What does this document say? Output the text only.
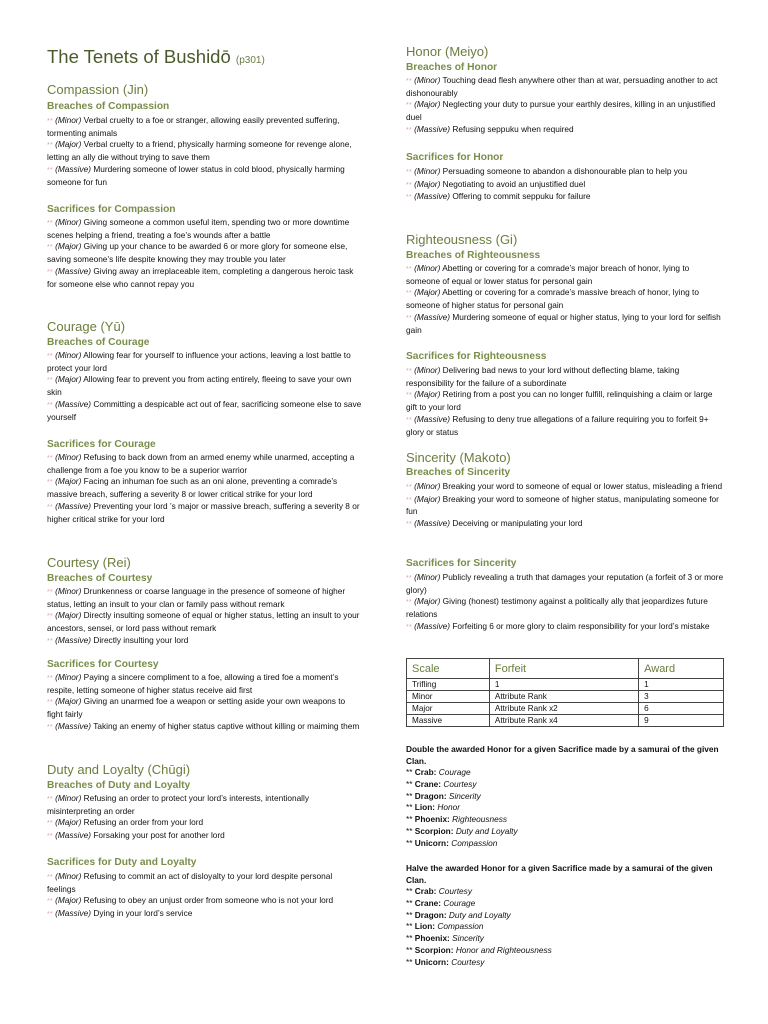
The Tenets of Bushidō (p301)
Compassion (Jin)
Breaches of Compassion
** (Minor) Verbal cruelty to a foe or stranger, allowing easily prevented suffering, tormenting animals
** (Major) Verbal cruelty to a friend, physically harming someone for revenge alone, letting an ally die without trying to save them
** (Massive) Murdering someone of lower status in cold blood, physically harming someone for fun
Sacrifices for Compassion
** (Minor) Giving someone a common useful item, spending two or more downtime scenes helping a friend, treating a foe’s wounds after a battle
** (Major) Giving up your chance to be awarded 6 or more glory for someone else, saving someone’s life despite knowing they may trouble you later
** (Massive) Giving away an irreplaceable item, completing a dangerous heroic task for someone else who cannot repay you
Courage (Yū)
Breaches of Courage
** (Minor) Allowing fear for yourself to influence your actions, leaving a lost battle to protect your lord
** (Major) Allowing fear to prevent you from acting entirely, fleeing to save your own skin
** (Massive) Committing a despicable act out of fear, sacrificing someone else to save yourself
Sacrifices for Courage
** (Minor) Refusing to back down from an armed enemy while unarmed, accepting a challenge from a foe you know to be a superior warrior
** (Major) Facing an inhuman foe such as an oni alone, preventing a comrade’s massive breach, suffering a severity 8 or lower critical strike for your lord
** (Massive) Preventing your lord ’s major or massive breach, suffering a severity 8 or higher critical strike for your lord
Courtesy (Rei)
Breaches of Courtesy
** (Minor) Drunkenness or coarse language in the presence of someone of higher status, letting an insult to your clan or family pass without remark
** (Major) Directly insulting someone of equal or higher status, letting an insult to your ancestors, sensei, or lord pass without remark
** (Massive) Directly insulting your lord
Sacrifices for Courtesy
** (Minor) Paying a sincere compliment to a foe, allowing a tired foe a moment’s respite, letting someone of higher status receive aid first
** (Major) Giving an unarmed foe a weapon or setting aside your own weapons to fight fairly
** (Massive) Taking an enemy of higher status captive without killing or maiming them
Duty and Loyalty (Chūgi)
Breaches of Duty and Loyalty
** (Minor) Refusing an order to protect your lord’s interests, intentionally misinterpreting an order
** (Major) Refusing an order from your lord
** (Massive) Forsaking your post for another lord
Sacrifices for Duty and Loyalty
** (Minor) Refusing to commit an act of disloyalty to your lord despite personal feelings
** (Major) Refusing to obey an unjust order from someone who is not your lord
** (Massive) Dying in your lord’s service
Honor (Meiyo)
Breaches of Honor
** (Minor) Touching dead flesh anywhere other than at war, persuading another to act dishonourably
** (Major) Neglecting your duty to pursue your earthly desires, killing in an unjustified duel
** (Massive) Refusing seppuku when required
Sacrifices for Honor
** (Minor) Persuading someone to abandon a dishonourable plan to help you
** (Major) Negotiating to avoid an unjustified duel
** (Massive) Offering to commit seppuku for failure
Righteousness (Gi)
Breaches of Righteousness
** (Minor) Abetting or covering for a comrade’s major breach of honor, lying to someone of equal or lower status for personal gain
** (Major) Abetting or covering for a comrade’s massive breach of honor, lying to someone of higher status for personal gain
** (Massive) Murdering someone of equal or higher status, lying to your lord for selfish gain
Sacrifices for Righteousness
** (Minor) Delivering bad news to your lord without deflecting blame, taking responsibility for the failure of a subordinate
** (Major) Retiring from a post you can no longer fulfill, relinquishing a claim or large gift to your lord
** (Massive) Refusing to deny true allegations of a failure requiring you to forfeit 9+ glory or status
Sincerity (Makoto)
Breaches of Sincerity
** (Minor) Breaking your word to someone of equal or lower status, misleading a friend
** (Major) Breaking your word to someone of higher status, manipulating someone for fun
** (Massive) Deceiving or manipulating your lord
Sacrifices for Sincerity
** (Minor) Publicly revealing a truth that damages your reputation (a forfeit of 3 or more glory)
** (Major) Giving (honest) testimony against a politically ally that jeopardizes future relations
** (Massive) Forfeiting 6 or more glory to claim responsibility for your lord’s mistake
Scale	Forfeit	Award
Trifling	1	1
Minor	Attribute Rank	3
Major	Attribute Rank x2	6
Massive	Attribute Rank x4	9

Double the awarded Honor for a given Sacrifice made by a samurai of the given Clan.

** Crab: Courage
** Crane: Courtesy
** Dragon: Sincerity
** Lion: Honor
** Phoenix: Righteousness
** Scorpion: Duty and Loyalty
** Unicorn: Compassion

Halve the awarded Honor for a given Sacrifice made by a samurai of the given Clan.

** Crab: Courtesy
** Crane: Courage
** Dragon: Duty and Loyalty
** Lion: Compassion
** Phoenix: Sincerity
** Scorpion: Honor and Righteousness
** Unicorn: Courtesy
